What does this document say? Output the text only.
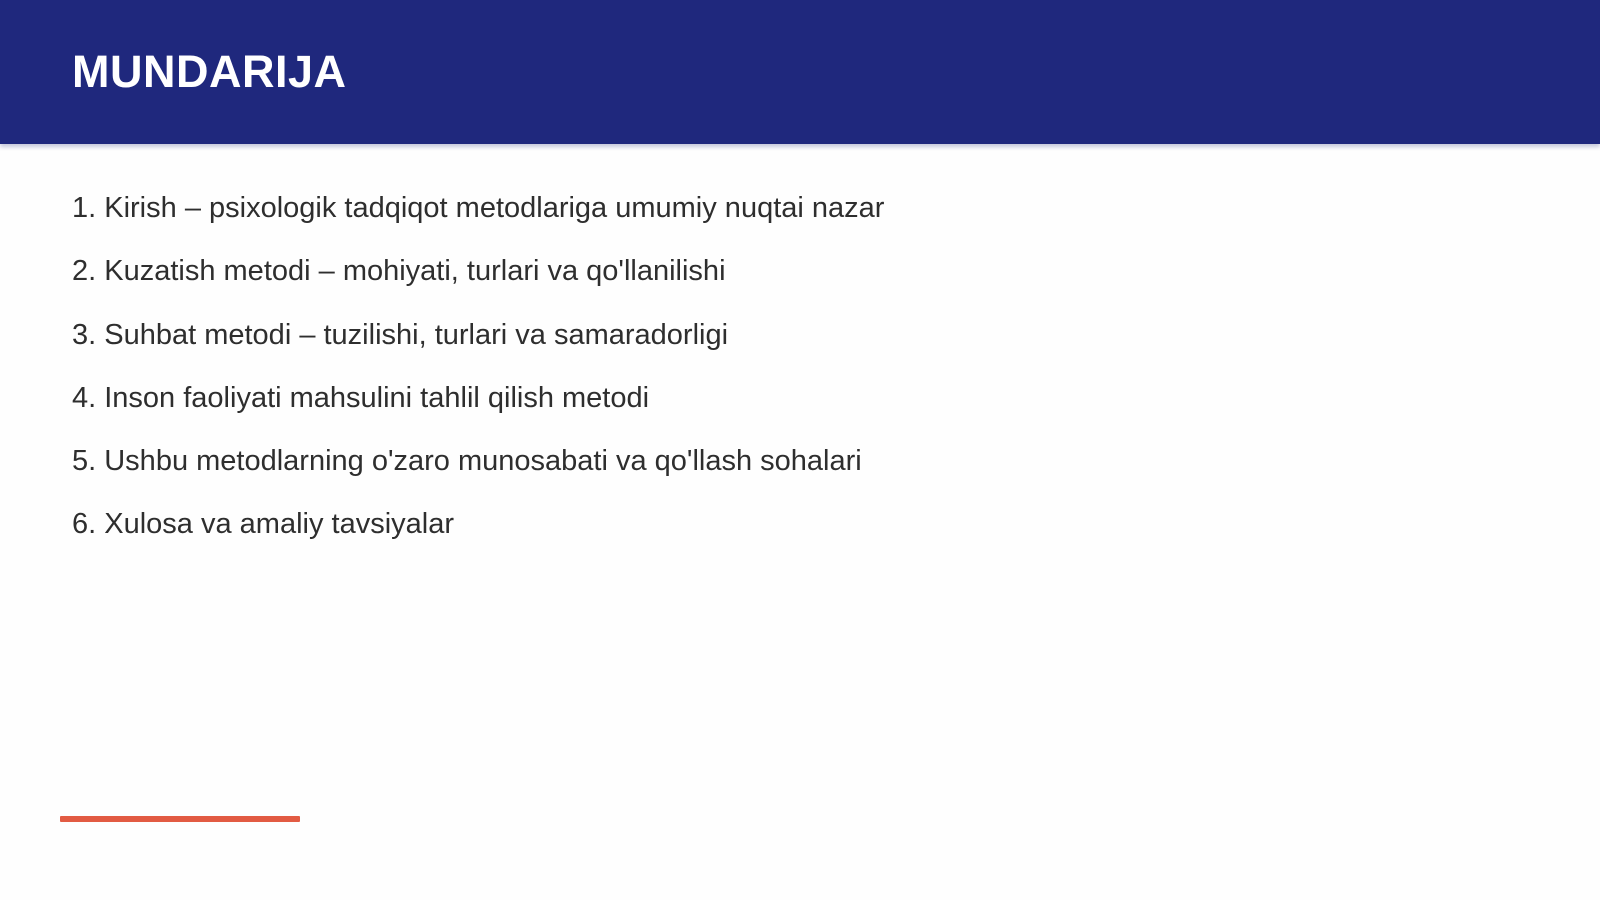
MUNDARIJA
1. Kirish – psixologik tadqiqot metodlariga umumiy nuqtai nazar
2. Kuzatish metodi – mohiyati, turlari va qo'llanilishi
3. Suhbat metodi – tuzilishi, turlari va samaradorligi
4. Inson faoliyati mahsulini tahlil qilish metodi
5. Ushbu metodlarning o'zaro munosabati va qo'llash sohalari
6. Xulosa va amaliy tavsiyalar
